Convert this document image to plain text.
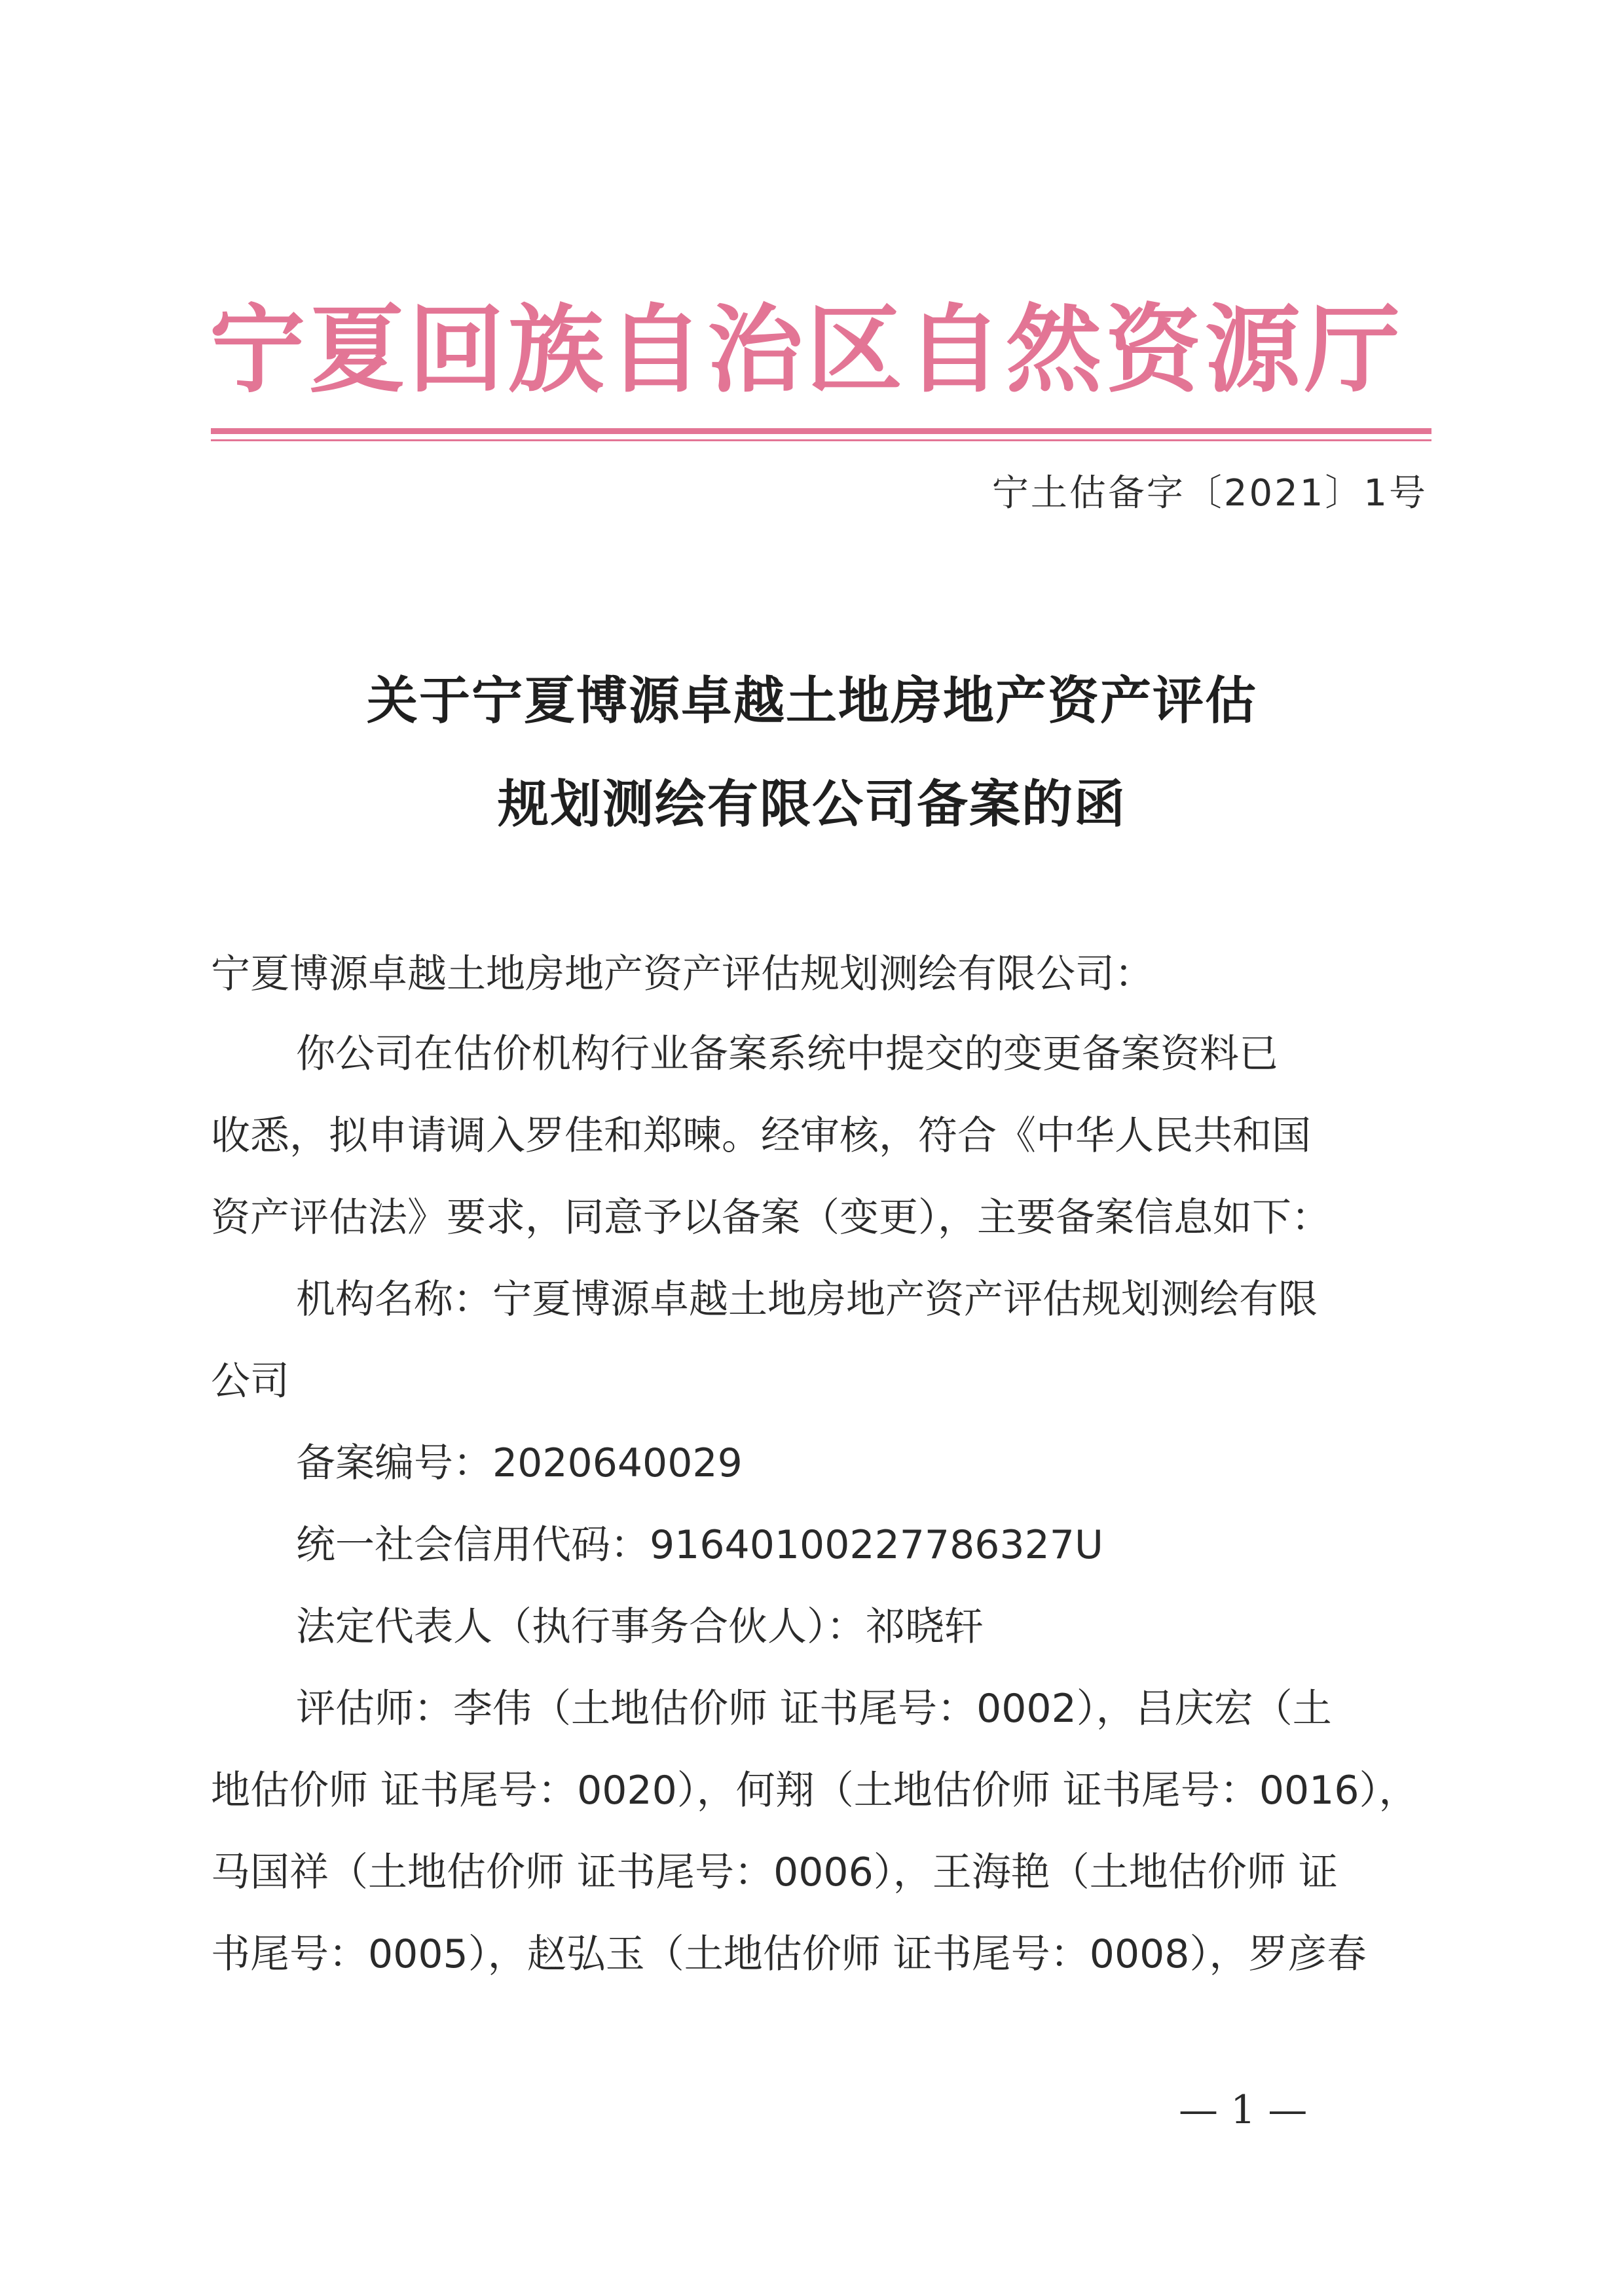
宁夏回族自治区自然资源厅
宁土估备字〔2021〕1号
关于宁夏博源卓越土地房地产资产评估
规划测绘有限公司备案的函
宁夏博源卓越土地房地产资产评估规划测绘有限公司：
你公司在估价机构行业备案系统中提交的变更备案资料已
收悉，拟申请调入罗佳和郑暕。经审核，符合《中华人民共和国
资产评估法》要求，同意予以备案（变更），主要备案信息如下：
机构名称：宁夏博源卓越土地房地产资产评估规划测绘有限
公司
备案编号：2020640029
统一社会信用代码：91640100227786327U
法定代表人（执行事务合伙人）：祁晓轩
评估师：李伟（土地估价师 证书尾号：0002），吕庆宏（土
地估价师 证书尾号：0020），何翔（土地估价师 证书尾号：0016），
马国祥（土地估价师 证书尾号：0006），王海艳（土地估价师 证
书尾号：0005），赵弘玉（土地估价师 证书尾号：0008），罗彦春
— 1 —
